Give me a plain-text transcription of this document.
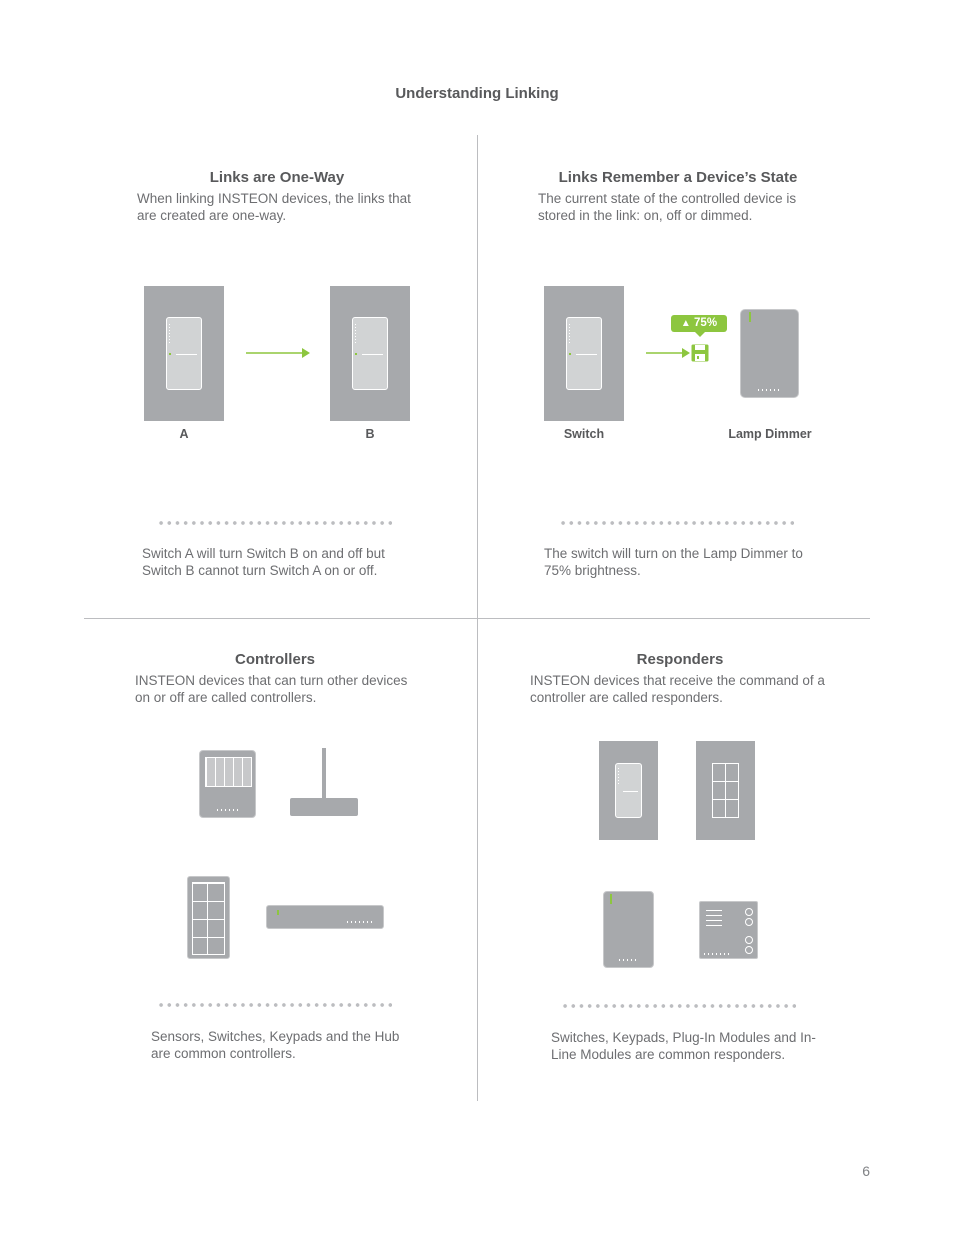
Understanding Linking
Links are One-Way
When linking INSTEON devices, the links that are created are one-way.
A	B
Switch A will turn Switch B on and off but Switch B cannot turn Switch A on or off.
Links Remember a Device’s State
The current state of the controlled device is stored in the link: on, off or dimmed.
▲ 75%
Switch	Lamp Dimmer
The switch will turn on the Lamp Dimmer to 75% brightness.
Controllers
INSTEON devices that can turn other devices on or off are called controllers.
Sensors, Switches, Keypads and the Hub are common controllers.
Responders
INSTEON devices that receive the command of a controller are called responders.
Switches, Keypads, Plug-In Modules and In-Line Modules are common responders.
6
